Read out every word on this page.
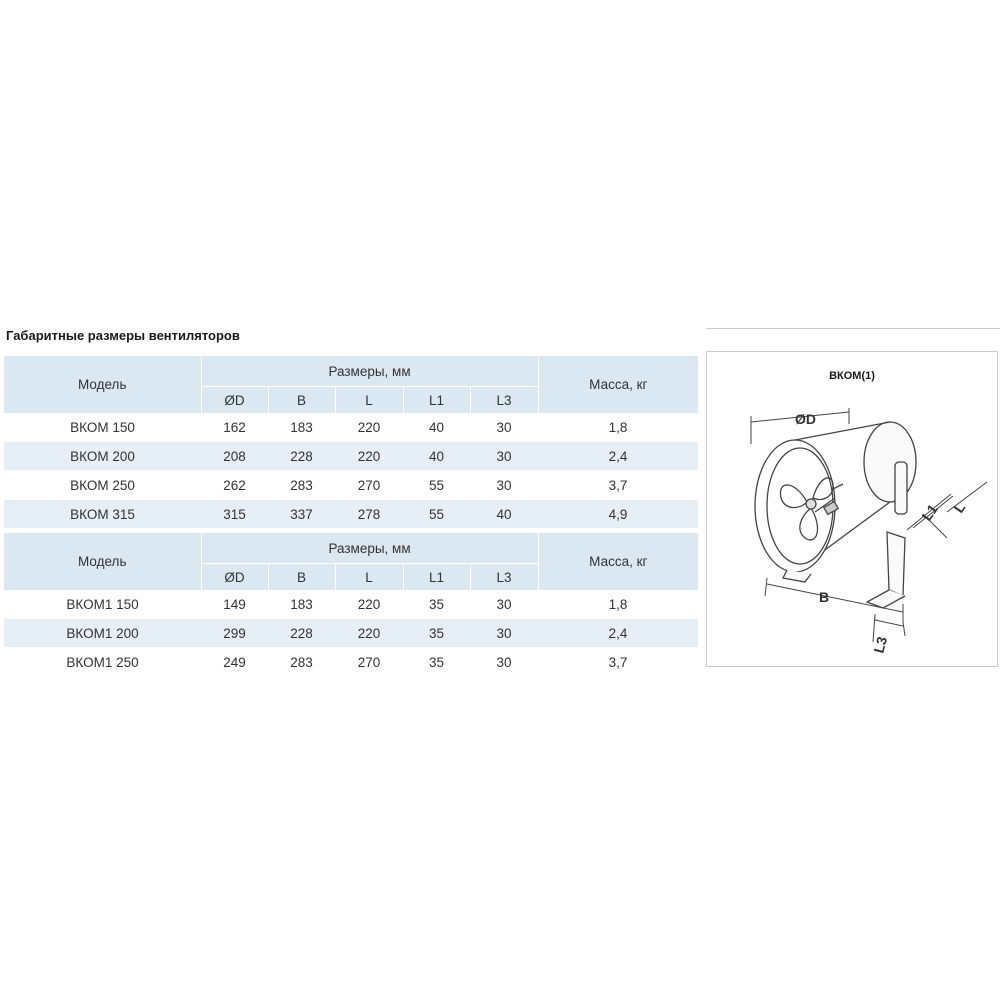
Габаритные размеры вентиляторов
Модель	Размеры, мм					Масса, кг
	ØD	B	L	L1	L3	
ВКОМ 150	162	183	220	40	30	1,8
ВКОМ 200	208	228	220	40	30	2,4
ВКОМ 250	262	283	270	55	30	3,7
ВКОМ 315	315	337	278	55	40	4,9
Модель	Размеры, мм					Масса, кг
	ØD	B	L	L1	L3	
ВКОМ1 150	149	183	220	35	30	1,8
ВКОМ1 200	299	228	220	35	30	2,4
ВКОМ1 250	249	283	270	35	30	3,7
ВКОМ(1)
ØD
L1 L
B
L3
